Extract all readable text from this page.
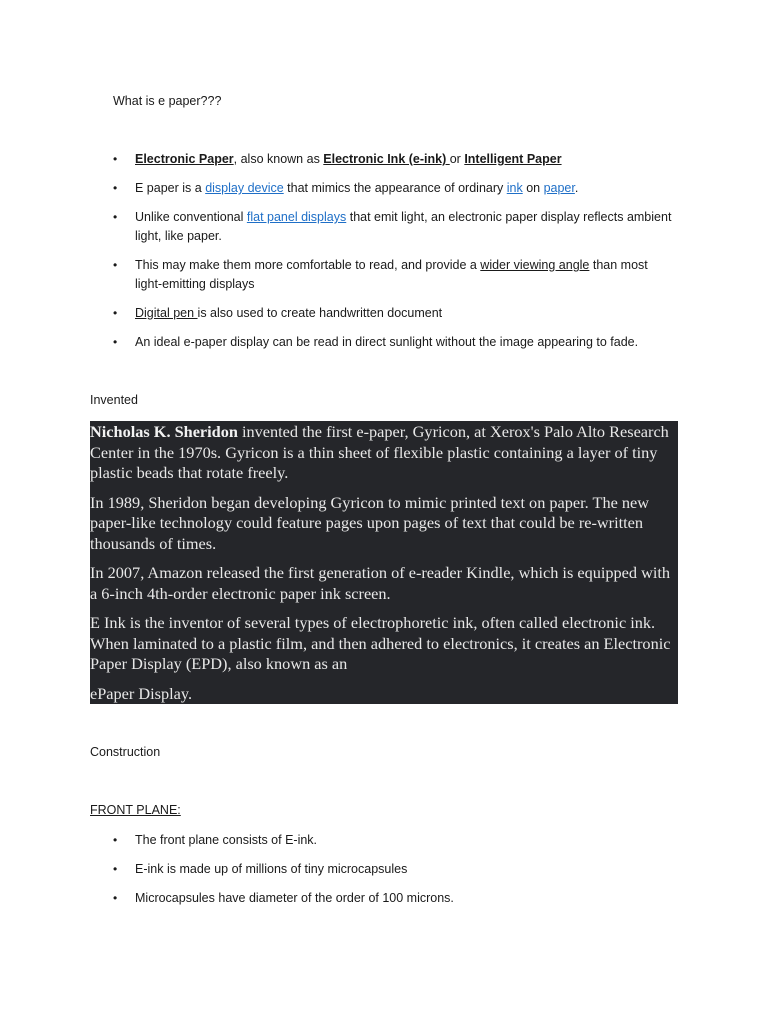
What is e paper???
•	Electronic Paper, also known as Electronic Ink (e-ink) or Intelligent Paper
•	E paper is a display device that mimics the appearance of ordinary ink on paper.
•	Unlike conventional flat panel displays that emit light, an electronic paper display reflects ambient light, like paper.
•	This may make them more comfortable to read, and provide a wider viewing angle than most light-emitting displays
•	Digital pen is also used to create handwritten document
•	An ideal e-paper display can be read in direct sunlight without the image appearing to fade.
Invented

Nicholas K. Sheridon invented the first e-paper, Gyricon, at Xerox's Palo Alto Research Center in the 1970s. Gyricon is a thin sheet of flexible plastic containing a layer of tiny plastic beads that rotate freely.

In 1989, Sheridon began developing Gyricon to mimic printed text on paper. The new paper-like technology could feature pages upon pages of text that could be re-written thousands of times.

In 2007, Amazon released the first generation of e-reader Kindle, which is equipped with a 6-inch 4th-order electronic paper ink screen.

E Ink is the inventor of several types of electrophoretic ink, often called electronic ink. When laminated to a plastic film, and then adhered to electronics, it creates an Electronic Paper Display (EPD), also known as an

ePaper Display.

Construction
FRONT PLANE:
•	The front plane consists of E-ink.
•	E-ink is made up of millions of tiny microcapsules
•	Microcapsules have diameter of the order of 100 microns.
